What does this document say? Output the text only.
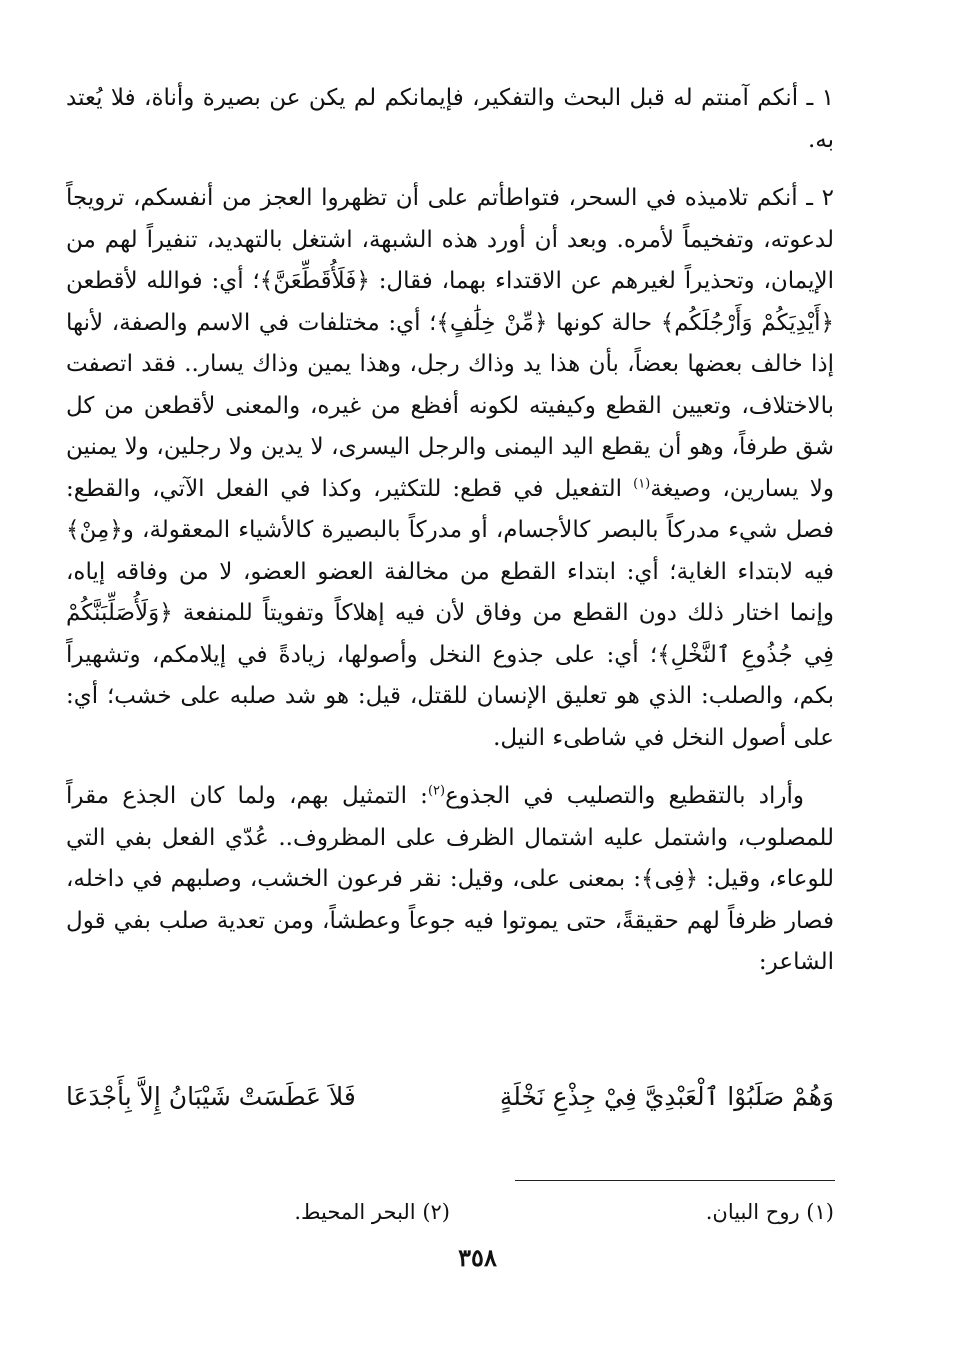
١ ـ أنكم آمنتم له قبل البحث والتفكير، فإيمانكم لم يكن عن بصيرة وأناة، فلا يُعتد به.

٢ ـ أنكم تلاميذه في السحر، فتواطأتم على أن تظهروا العجز من أنفسكم، ترويجاً لدعوته، وتفخيماً لأمره. وبعد أن أورد هذه الشبهة، اشتغل بالتهديد، تنفيراً لهم من الإيمان، وتحذيراً لغيرهم عن الاقتداء بهما، فقال: ﴿فَلَأُقَطِّعَنَّ﴾؛ أي: فوالله لأقطعن ﴿أَيْدِيَكُمْ وَأَرْجُلَكُم﴾ حالة كونها ﴿مِّنْ خِلَٰفٍ﴾؛ أي: مختلفات في الاسم والصفة، لأنها إذا خالف بعضها بعضاً، بأن هذا يد وذاك رجل، وهذا يمين وذاك يسار.. فقد اتصفت بالاختلاف، وتعيين القطع وكيفيته لكونه أفظع من غيره، والمعنى لأقطعن من كل شق طرفاً، وهو أن يقطع اليد اليمنى والرجل اليسرى، لا يدين ولا رجلين، ولا يمنين ولا يسارين، وصيغة$^{(١)}$ التفعيل في قطع: للتكثير، وكذا في الفعل الآتي، والقطع: فصل شيء مدركاً بالبصر كالأجسام، أو مدركاً بالبصيرة كالأشياء المعقولة، و﴿مِنْ﴾ فيه لابتداء الغاية؛ أي: ابتداء القطع من مخالفة العضو العضو، لا من وفاقه إياه، وإنما اختار ذلك دون القطع من وفاق لأن فيه إهلاكاً وتفويتاً للمنفعة ﴿وَلَأُصَلِّبَنَّكُمْ فِي جُذُوعِ ٱلنَّخْلِ﴾؛ أي: على جذوع النخل وأصولها، زيادةً في إيلامكم، وتشهيراً بكم، والصلب: الذي هو تعليق الإنسان للقتل، قيل: هو شد صلبه على خشب؛ أي: على أصول النخل في شاطىء النيل.

وأراد بالتقطيع والتصليب في الجذوع$^{(٢)}$: التمثيل بهم، ولما كان الجذع مقراً للمصلوب، واشتمل عليه اشتمال الظرف على المظروف.. عُدّي الفعل بفي التي للوعاء، وقيل: ﴿فِى﴾: بمعنى على، وقيل: نقر فرعون الخشب، وصلبهم في داخله، فصار ظرفاً لهم حقيقةً، حتى يموتوا فيه جوعاً وعطشاً، ومن تعدية صلب بفي قول الشاعر:

وَهُمْ صَلَبُوْا ٱلْعَبْدِيَّ فِيْ جِذْعِ نَخْلَةٍ
فَلاَ عَطَسَتْ شَيْبَانُ إِلاَّ بِأَجْدَعَا
(١) روح البيان.
(٢) البحر المحيط.
٣٥٨
